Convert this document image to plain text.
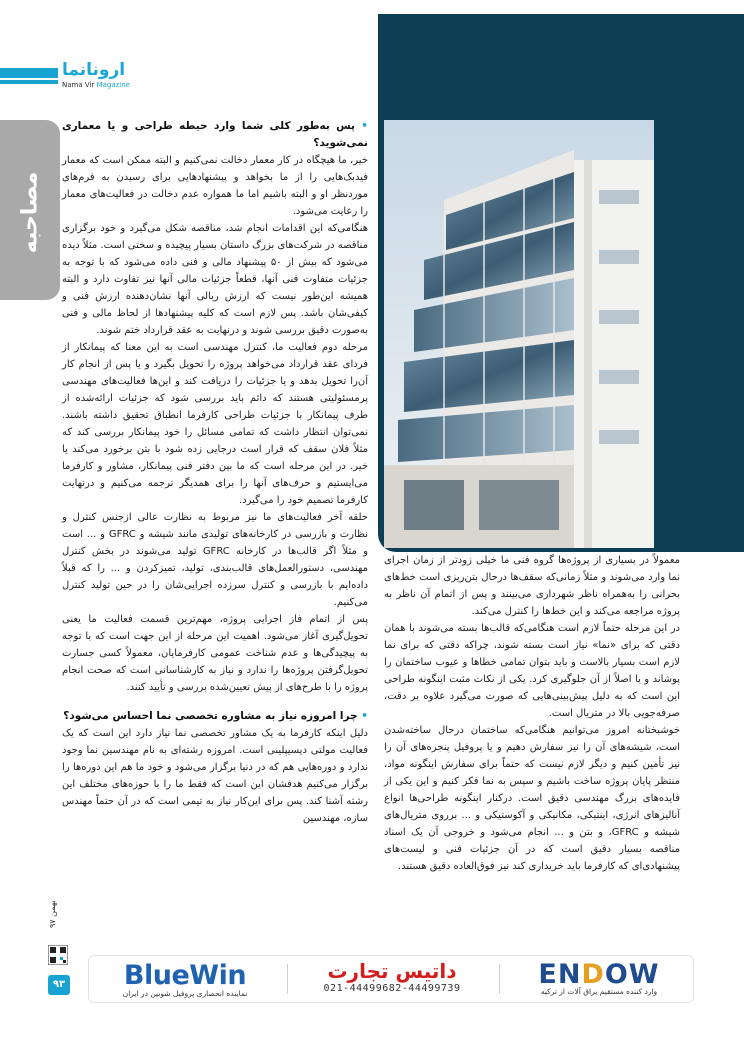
ارونانما
Nama Vir Magazine
مصاحبه

• پس به‌طور کلی شما وارد حیطه طراحی و یا معماری نمی‌شوید؟

خیر، ما هیچگاه در کار معمار دخالت نمی‌کنیم و البته ممکن است که معمار فیدبک‌هایی را از ما بخواهد و پیشنهادهایی برای رسیدن به فرم‌های موردنظر او و البته باشیم اما ما همواره عدم دخالت در فعالیت‌های معمار را رعایت می‌شود.

هنگامی‌که این اقدامات انجام شد، مناقصه شکل می‌گیرد و خود برگزاری مناقصه در شرکت‌های بزرگ داستان بسیار پیچیده و سختی است. مثلاً دیده می‌شود که بیش از ۵۰ پیشنهاد مالی و فنی داده می‌شود که با توجه به جزئیات متفاوت فنی آنها، قطعاً جزئیات مالی آنها نیز تفاوت دارد و البته همیشه این‌طور نیست که ارزش ریالی آنها نشان‌دهنده ارزش فنی و کیفی‌شان باشد. پس لازم است که کلیه پیشنهادها از لحاظ مالی و فنی به‌صورت دقیق بررسی شوند و درنهایت به عقد قرارداد ختم شوند.

مرحله دوم فعالیت ما، کنترل مهندسی است به این معنا که پیمانکار از فردای عقد قرارداد می‌خواهد پروژه را تحویل بگیرد و یا پس از انجام کار آن‌را تحویل بدهد و یا جزئیات را دریافت کند و این‌ها فعالیت‌های مهندسی پرمسئولیتی هستند که دائم باید بررسی شود که جزئیات ارائه‌شده از طرف پیمانکار با جزئیات طراحی کارفرما انطباق تحقیق داشته باشند. نمی‌توان انتظار داشت که تمامی مسائل را خود پیمانکار بررسی کند که مثلاً فلان سقف که قرار است درجایی زده شود با بتن برخورد می‌کند یا خیر. در این مرحله است که ما بین دفتر فنی پیمانکار، مشاور و کارفرما می‌ایستیم و حرف‌های آنها را برای همدیگر ترجمه می‌کنیم و درنهایت کارفرما تصمیم خود را می‌گیرد.

حلقه آخر فعالیت‌های ما نیز مربوط به نظارت عالی ازجنس کنترل و نظارت و بازرسی در کارخانه‌های تولیدی مانند شیشه و GFRC و ... است و مثلاً اگر قالب‌ها در کارخانه GFRC تولید می‌شوند در بخش کنترل مهندسی، دستورالعمل‌های قالب‌بندی، تولید، تمیزکردن و ... را که قبلاً داده‌ایم با بازرسی و کنترل سرزده اجرایی‌شان را در حین تولید کنترل می‌کنیم.

پس از اتمام فاز اجرایی پروژه، مهم‌ترین قسمت فعالیت ما یعنی تحویل‌گیری آغاز می‌شود. اهمیت این مرحله از این جهت است که با توجه به پیچیدگی‌ها و عدم شناخت عمومی کارفرمایان، معمولاً کسی جسارت تحویل‌گرفتن پروژه‌ها را ندارد و نیاز به کارشناسانی است که صحت انجام پروژه را با طرح‌های از پیش تعیین‌شده بررسی و تأیید کنند.

• چرا امروزه نیاز به مشاوره تخصصی نما احساس می‌شود؟

دلیل اینکه کارفرما به یک مشاور تخصصی نما نیاز دارد این است که یک فعالیت مولتی دیسیپلینی است. امروزه رشته‌ای به نام مهندسین نما وجود ندارد و دوره‌هایی هم که در دنیا برگزار می‌شود و خود ما هم این دوره‌ها را برگزار می‌کنیم هدفشان این است که فقط ما را با حوزه‌های مختلف این رشته آشنا کند. پس برای این‌کار نیاز به تیمی است که در آن حتماً مهندس سازه، مهندسین

معمولاً در بسیاری از پروژه‌ها گروه فنی ما خیلی زودتر از زمان اجرای نما وارد می‌شوند و مثلاً زمانی‌که سقف‌ها درحال بتن‌ریزی است خط‌های بحرانی را به‌همراه ناظر شهرداری می‌بینند و پس از اتمام آن ناظر به پروژه مراجعه می‌کند و این خط‌ها را کنترل می‌کند.

در این مرحله حتماً لازم است هنگامی‌که قالب‌ها بسته می‌شوند با همان دقتی که برای «نما» نیاز است بسته شوند، چراکه دقتی که برای نما لازم است بسیار بالاست و باید بتوان تمامی خطاها و عیوب ساختمان را پوشاند و یا اصلاً از آن جلوگیری کرد. یکی از نکات مثبت اینگونه طراحی این است که به دلیل پیش‌بینی‌هایی که صورت می‌گیرد علاوه بر دقت، صرفه‌جویی بالا در متریال است.

خوشبختانه امروز می‌توانیم هنگامی‌که ساختمان درحال ساخته‌شدن است، شیشه‌های آن را نیز سفارش دهیم و یا پروفیل پنجره‌های آن را نیز تأمین کنیم و دیگر لازم نیست که حتماً برای سفارش اینگونه مواد، منتظر پایان پروژه ساخت باشیم و سپس به نما فکر کنیم و این یکی از فایده‌های بزرگ مهندسی دقیق است. درکنار اینگونه طراحی‌ها انواع آنالیزهای انرژی، اینتیکی، مکانیکی و آکوستیکی و ... برروی متریال‌های شیشه و GFRC، و بتن و ... انجام می‌شود و خروجی آن یک اسناد مناقصه بسیار دقیق است که در آن جزئیات فنی و لیست‌های پیشنهادی‌ای که کارفرما باید خریداری کند نیز فوق‌العاده دقیق هستند.

بهمن ۹۷
۹۳	BlueWin
نماینده انحصاری پروفیل شوبین در ایران
داتیس تجارت
021-44499682-44499739	ENDOW
وارد کننده مستقیم یراق آلات از ترکیه
